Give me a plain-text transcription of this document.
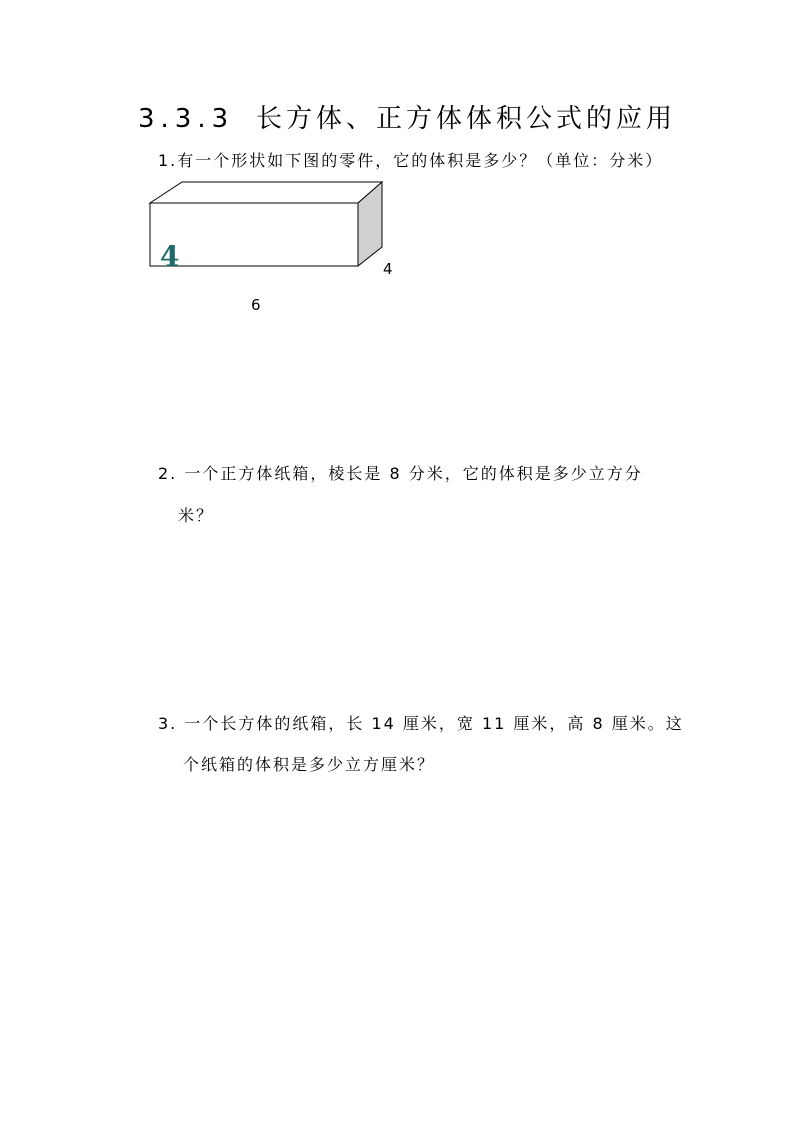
3.3.3 长方体、正方体体积公式的应用
1.有一个形状如下图的零件，它的体积是多少？（单位：分米）
4	4
6
2. 一个正方体纸箱，棱长是 8 分米，它的体积是多少立方分
米？
3. 一个长方体的纸箱，长 14 厘米，宽 11 厘米，高 8 厘米。这
个纸箱的体积是多少立方厘米？
